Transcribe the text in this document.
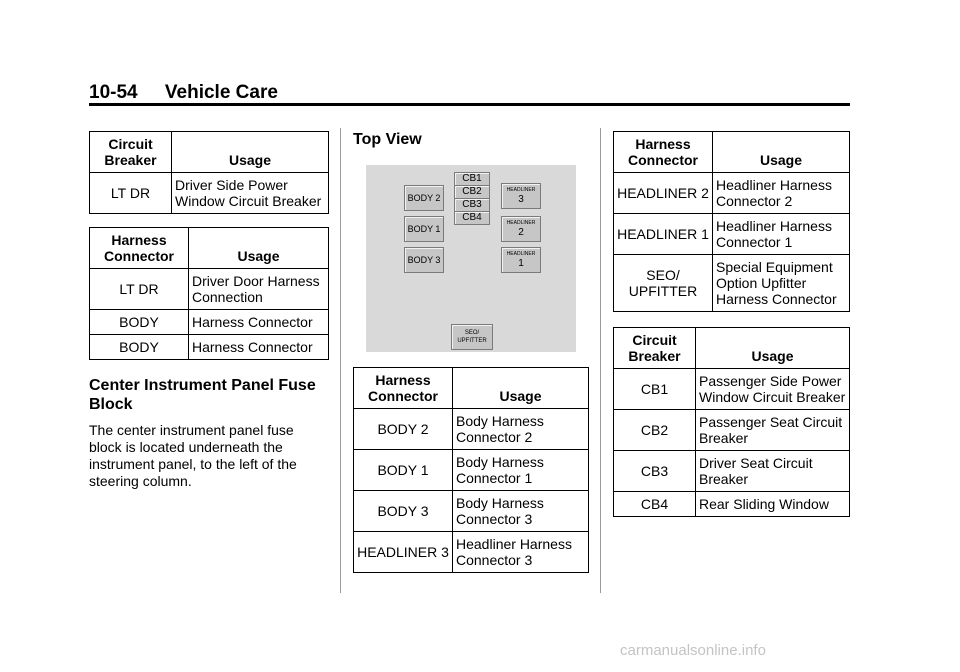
10-54 Vehicle Care
Circuit Breaker	Usage
LT DR	Driver Side Power Window Circuit Breaker
Harness Connector	Usage
LT DR	Driver Door Harness Connection
BODY	Harness Connector
BODY	Harness Connector
Center Instrument Panel Fuse Block
The center instrument panel fuse block is located underneath the instrument panel, to the left of the steering column.
Top View
BODY 2
BODY 1
BODY 3
CB1
CB2
CB3
CB4
HEADLINER
3
HEADLINER
2
HEADLINER
1
SEO/
UPFITTER
Harness Connector	Usage
BODY 2	Body Harness Connector 2
BODY 1	Body Harness Connector 1
BODY 3	Body Harness Connector 3
HEADLINER 3	Headliner Harness Connector 3
Harness Connector	Usage
HEADLINER 2	Headliner Harness Connector 2
HEADLINER 1	Headliner Harness Connector 1
SEO/ UPFITTER	Special Equipment Option Upfitter Harness Connector
Circuit Breaker	Usage
CB1	Passenger Side Power Window Circuit Breaker
CB2	Passenger Seat Circuit Breaker
CB3	Driver Seat Circuit Breaker
CB4	Rear Sliding Window
carmanualsonline.info
